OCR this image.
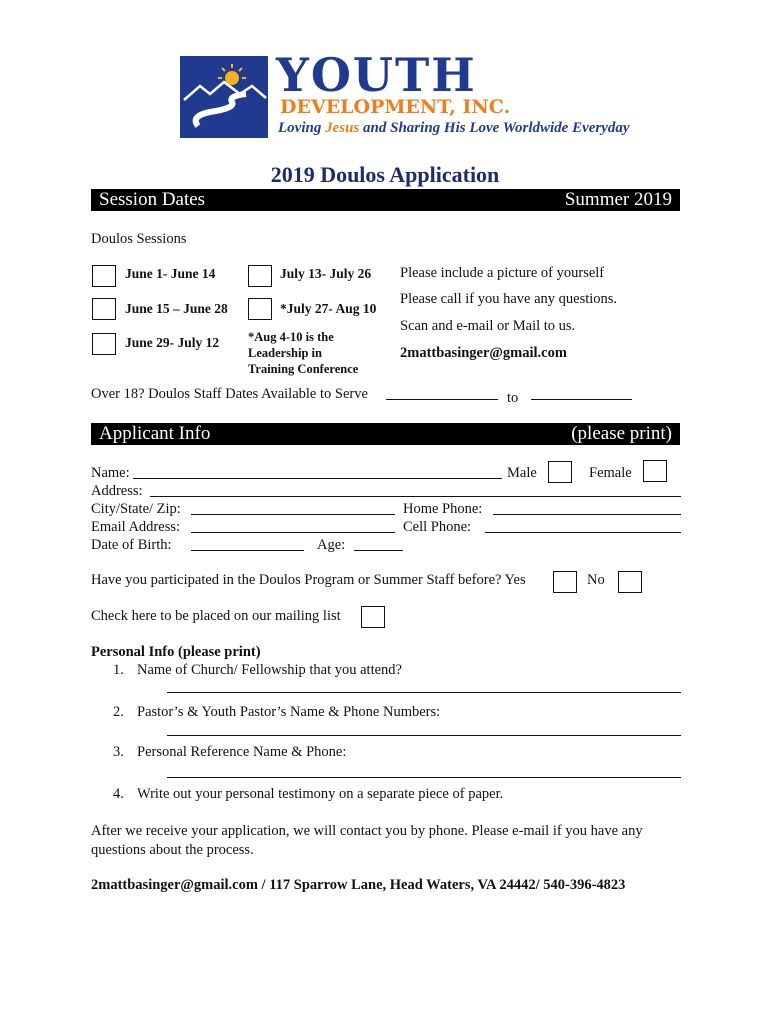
YOUTH
DEVELOPMENT, INC.
Loving Jesus and Sharing His Love Worldwide Everyday
2019 Doulos Application
Session Dates	Summer 2019
Doulos Sessions
June 1- June 14
June 15 – June 28
June 29- July 12
July 13- July 26
*July 27- Aug 10
*Aug 4-10 is the
Leadership in
Training Conference
Please include a picture of yourself
Please call if you have any questions.
Scan and e-mail or Mail to us.
2mattbasinger@gmail.com
Over 18? Doulos Staff Dates Available to Serve	to
Applicant Info	(please print)
Name:	Male	Female
Address:
City/State/ Zip:	Home Phone:
Email Address:	Cell Phone:
Date of Birth:	Age:
Have you participated in the Doulos Program or Summer Staff before? Yes	No
Check here to be placed on our mailing list
Personal Info (please print)
1. Name of Church/ Fellowship that you attend?
2. Pastor’s & Youth Pastor’s Name & Phone Numbers:
3. Personal Reference Name & Phone:
4. Write out your personal testimony on a separate piece of paper.
After we receive your application, we will contact you by phone. Please e-mail if you have any
questions about the process.
2mattbasinger@gmail.com / 117 Sparrow Lane, Head Waters, VA 24442/ 540-396-4823
